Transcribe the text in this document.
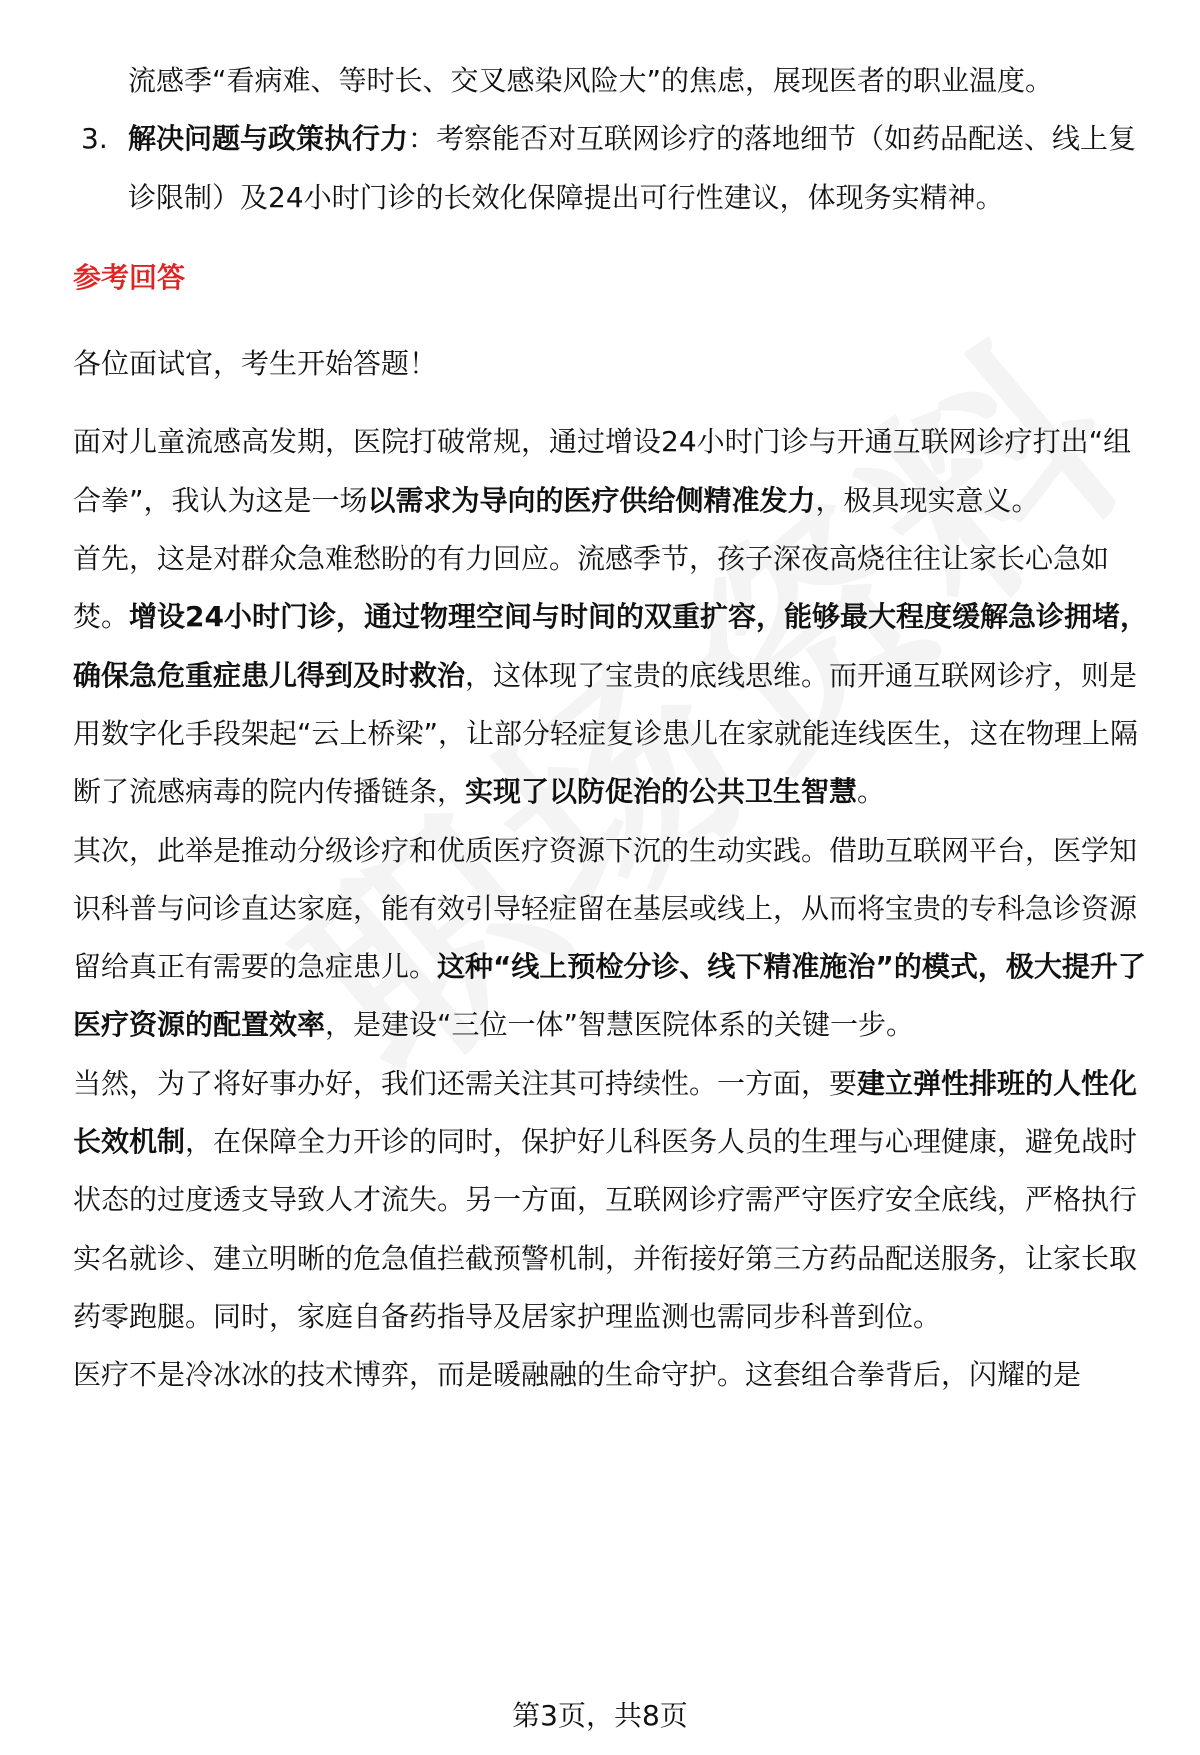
流感季“看病难、等时长、交叉感染风险大”的焦虑，展现医者的职业温度。

3. 解决问题与政策执行力：考察能否对互联网诊疗的落地细节（如药品配送、线上复诊限制）及24小时门诊的长效化保障提出可行性建议，体现务实精神。

参考回答

各位面试官，考生开始答题！

面对儿童流感高发期，医院打破常规，通过增设24小时门诊与开通互联网诊疗打出“组合拳”，我认为这是一场以需求为导向的医疗供给侧精准发力，极具现实意义。

首先，这是对群众急难愁盼的有力回应。流感季节，孩子深夜高烧往往让家长心急如焚。增设24小时门诊，通过物理空间与时间的双重扩容，能够最大程度缓解急诊拥堵，确保急危重症患儿得到及时救治，这体现了宝贵的底线思维。而开通互联网诊疗，则是用数字化手段架起“云上桥梁”，让部分轻症复诊患儿在家就能连线医生，这在物理上隔断了流感病毒的院内传播链条，实现了以防促治的公共卫生智慧。

其次，此举是推动分级诊疗和优质医疗资源下沉的生动实践。借助互联网平台，医学知识科普与问诊直达家庭，能有效引导轻症留在基层或线上，从而将宝贵的专科急诊资源留给真正有需要的急症患儿。这种“线上预检分诊、线下精准施治”的模式，极大提升了医疗资源的配置效率，是建设“三位一体”智慧医院体系的关键一步。

当然，为了将好事办好，我们还需关注其可持续性。一方面，要建立弹性排班的人性化长效机制，在保障全力开诊的同时，保护好儿科医务人员的生理与心理健康，避免战时状态的过度透支导致人才流失。另一方面，互联网诊疗需严守医疗安全底线，严格执行实名就诊、建立明晰的危急值拦截预警机制，并衔接好第三方药品配送服务，让家长取药零跑腿。同时，家庭自备药指导及居家护理监测也需同步科普到位。

医疗不是冷冰冰的技术博弈，而是暖融融的生命守护。这套组合拳背后，闪耀的是

第3页，共8页
